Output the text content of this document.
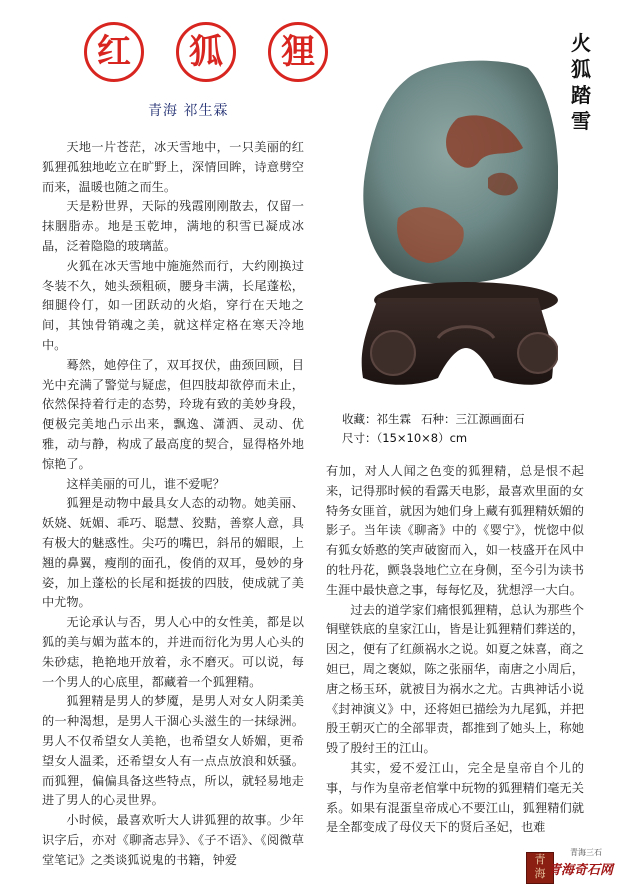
红	狐	狸	火
狐
踏
雪
青海 祁生霖
收藏：祁生霖 石种：三江源画面石
尺寸：（15×10×8）cm

天地一片苍茫，冰天雪地中，一只美丽的红狐狸孤独地屹立在旷野上，深情回眸，诗意劈空而来，温暖也随之而生。

天是粉世界，天际的残霞刚刚散去，仅留一抹胭脂赤。地是玉乾坤，满地的积雪已凝成冰晶，泛着隐隐的玻璃蓝。

火狐在冰天雪地中施施然而行，大约刚换过冬装不久，她头颈粗硕，腰身丰满，长尾蓬松，细腿伶仃，如一团跃动的火焰，穿行在天地之间，其蚀骨销魂之美，就这样定格在寒天冷地中。

蓦然，她停住了，双耳扠伏，曲颈回顾，目光中充满了警觉与疑虑，但四肢却欲停而未止，依然保持着行走的态势，玲珑有致的美妙身段，便极完美地凸示出来，飘逸、潇洒、灵动、优雅，动与静，构成了最高度的契合，显得格外地惊艳了。

这样美丽的可儿，谁不爱呢？

狐狸是动物中最具女人态的动物。她美丽、妖娆、妩媚、乖巧、聪慧、狡黠，善察人意，具有极大的魅惑性。尖巧的嘴巴，斜吊的媚眼，上翘的鼻翼，瘦削的面孔，俊俏的双耳，曼妙的身姿，加上蓬松的长尾和挺拔的四肢，使成就了美中尤物。

无论承认与否，男人心中的女性美，都是以狐的美与媚为蓝本的，并进而衍化为男人心头的朱砂痣，艳艳地开放着，永不磨灭。可以说，每一个男人的心底里，都藏着一个狐狸精。

狐狸精是男人的梦魇，是男人对女人阴柔美的一种渴想，是男人干涸心头滋生的一抹绿洲。男人不仅希望女人美艳，也希望女人娇媚，更希望女人温柔，还希望女人有一点点放浪和妖骚。而狐狸，偏偏具备这些特点，所以，就轻易地走进了男人的心灵世界。

小时候，最喜欢听大人讲狐狸的故事。少年识字后，亦对《聊斋志异》、《子不语》、《阅微草堂笔记》之类谈狐说鬼的书籍，钟爱

有加，对人人闻之色变的狐狸精，总是恨不起来，记得那时候的看露天电影，最喜欢里面的女特务女匪首，就因为她们身上藏有狐狸精妖媚的影子。当年读《聊斋》中的《婴宁》，恍惚中似有狐女娇憨的笑声破窗而入，如一枝盛开在风中的牡丹花，颤袅袅地伫立在身侧，至今引为读书生涯中最快意之事，每每忆及，犹想浮一大白。

过去的道学家们痛恨狐狸精，总认为那些个铜壁铁底的皇家江山，皆是让狐狸精们葬送的，因之，便有了红颜祸水之说。如夏之妹喜，商之妲已，周之褒姒，陈之张丽华，南唐之小周后，唐之杨玉环，就被目为祸水之尤。古典神话小说《封神演义》中，还将妲已描绘为九尾狐，并把殷王朝灭亡的全部罪责，都推到了她头上，称她毁了殷纣王的江山。

其实，爱不爱江山，完全是皇帝自个儿的事，与作为皇帝老倌掌中玩物的狐狸精们毫无关系。如果有混蛋皇帝成心不要江山，狐狸精们就是全都变成了母仪天下的贤后圣妃，也难

青
海
青海三石
青海奇石网
